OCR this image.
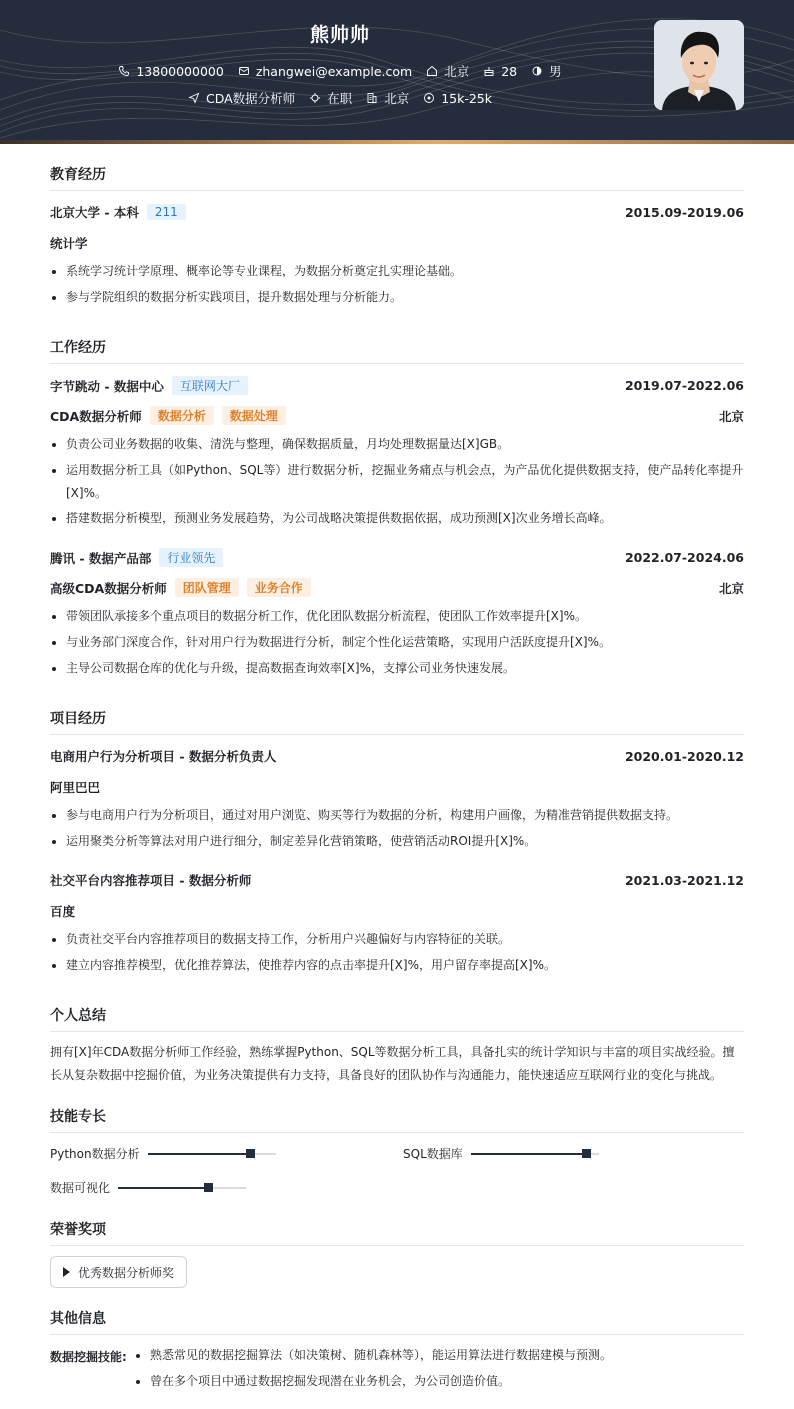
熊帅帅
13800000000	zhangwei@example.com	北京	28	男
CDA数据分析师	在职	北京	15k-25k
教育经历
北京大学 - 本科	211	2015.09-2019.06
统计学
系统学习统计学原理、概率论等专业课程，为数据分析奠定扎实理论基础。
参与学院组织的数据分析实践项目，提升数据处理与分析能力。
工作经历
字节跳动 - 数据中心	互联网大厂	2019.07-2022.06
CDA数据分析师	数据分析	数据处理	北京
负责公司业务数据的收集、清洗与整理，确保数据质量，月均处理数据量达[X]GB。
运用数据分析工具（如Python、SQL等）进行数据分析，挖掘业务痛点与机会点，为产品优化提供数据支持，使产品转化率提升[X]%。
搭建数据分析模型，预测业务发展趋势，为公司战略决策提供数据依据，成功预测[X]次业务增长高峰。
腾讯 - 数据产品部	行业领先	2022.07-2024.06
高级CDA数据分析师	团队管理	业务合作	北京
带领团队承接多个重点项目的数据分析工作，优化团队数据分析流程，使团队工作效率提升[X]%。
与业务部门深度合作，针对用户行为数据进行分析，制定个性化运营策略，实现用户活跃度提升[X]%。
主导公司数据仓库的优化与升级，提高数据查询效率[X]%，支撑公司业务快速发展。
项目经历
电商用户行为分析项目 - 数据分析负责人	2020.01-2020.12
阿里巴巴
参与电商用户行为分析项目，通过对用户浏览、购买等行为数据的分析，构建用户画像，为精准营销提供数据支持。
运用聚类分析等算法对用户进行细分，制定差异化营销策略，使营销活动ROI提升[X]%。
社交平台内容推荐项目 - 数据分析师	2021.03-2021.12
百度
负责社交平台内容推荐项目的数据支持工作，分析用户兴趣偏好与内容特征的关联。
建立内容推荐模型，优化推荐算法，使推荐内容的点击率提升[X]%，用户留存率提高[X]%。
个人总结
拥有[X]年CDA数据分析师工作经验，熟练掌握Python、SQL等数据分析工具，具备扎实的统计学知识与丰富的项目实战经验。擅长从复杂数据中挖掘价值，为业务决策提供有力支持，具备良好的团队协作与沟通能力，能快速适应互联网行业的变化与挑战。
技能专长
Python数据分析	SQL数据库
数据可视化
荣誉奖项
优秀数据分析师奖
其他信息
数据挖掘技能:	熟悉常见的数据挖掘算法（如决策树、随机森林等），能运用算法进行数据建模与预测。
曾在多个项目中通过数据挖掘发现潜在业务机会，为公司创造价值。
